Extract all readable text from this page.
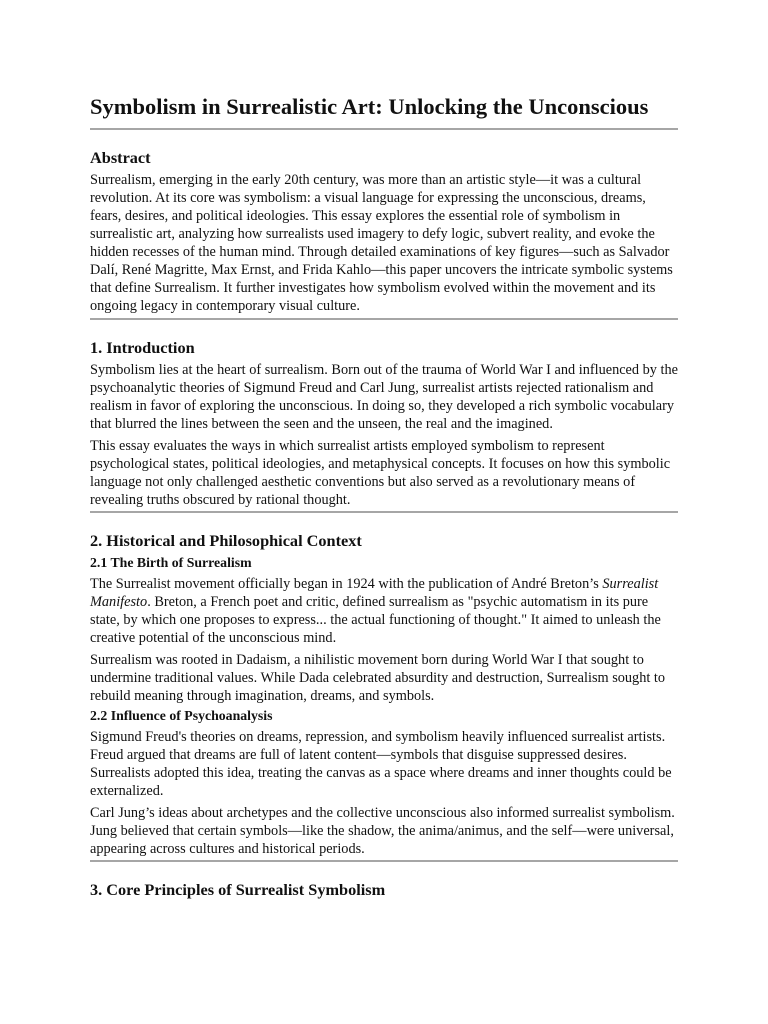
Symbolism in Surrealistic Art: Unlocking the Unconscious
Abstract

Surrealism, emerging in the early 20th century, was more than an artistic style—it was a cultural revolution. At its core was symbolism: a visual language for expressing the unconscious, dreams, fears, desires, and political ideologies. This essay explores the essential role of symbolism in surrealistic art, analyzing how surrealists used imagery to defy logic, subvert reality, and evoke the hidden recesses of the human mind. Through detailed examinations of key figures—such as Salvador Dalí, René Magritte, Max Ernst, and Frida Kahlo—this paper uncovers the intricate symbolic systems that define Surrealism. It further investigates how symbolism evolved within the movement and its ongoing legacy in contemporary visual culture.

1. Introduction

Symbolism lies at the heart of surrealism. Born out of the trauma of World War I and influenced by the psychoanalytic theories of Sigmund Freud and Carl Jung, surrealist artists rejected rationalism and realism in favor of exploring the unconscious. In doing so, they developed a rich symbolic vocabulary that blurred the lines between the seen and the unseen, the real and the imagined.

This essay evaluates the ways in which surrealist artists employed symbolism to represent psychological states, political ideologies, and metaphysical concepts. It focuses on how this symbolic language not only challenged aesthetic conventions but also served as a revolutionary means of revealing truths obscured by rational thought.

2. Historical and Philosophical Context
2.1 The Birth of Surrealism

The Surrealist movement officially began in 1924 with the publication of André Breton’s Surrealist Manifesto. Breton, a French poet and critic, defined surrealism as "psychic automatism in its pure state, by which one proposes to express... the actual functioning of thought." It aimed to unleash the creative potential of the unconscious mind.

Surrealism was rooted in Dadaism, a nihilistic movement born during World War I that sought to undermine traditional values. While Dada celebrated absurdity and destruction, Surrealism sought to rebuild meaning through imagination, dreams, and symbols.

2.2 Influence of Psychoanalysis

Sigmund Freud's theories on dreams, repression, and symbolism heavily influenced surrealist artists. Freud argued that dreams are full of latent content—symbols that disguise suppressed desires. Surrealists adopted this idea, treating the canvas as a space where dreams and inner thoughts could be externalized.

Carl Jung’s ideas about archetypes and the collective unconscious also informed surrealist symbolism. Jung believed that certain symbols—like the shadow, the anima/animus, and the self—were universal, appearing across cultures and historical periods.

3. Core Principles of Surrealist Symbolism
